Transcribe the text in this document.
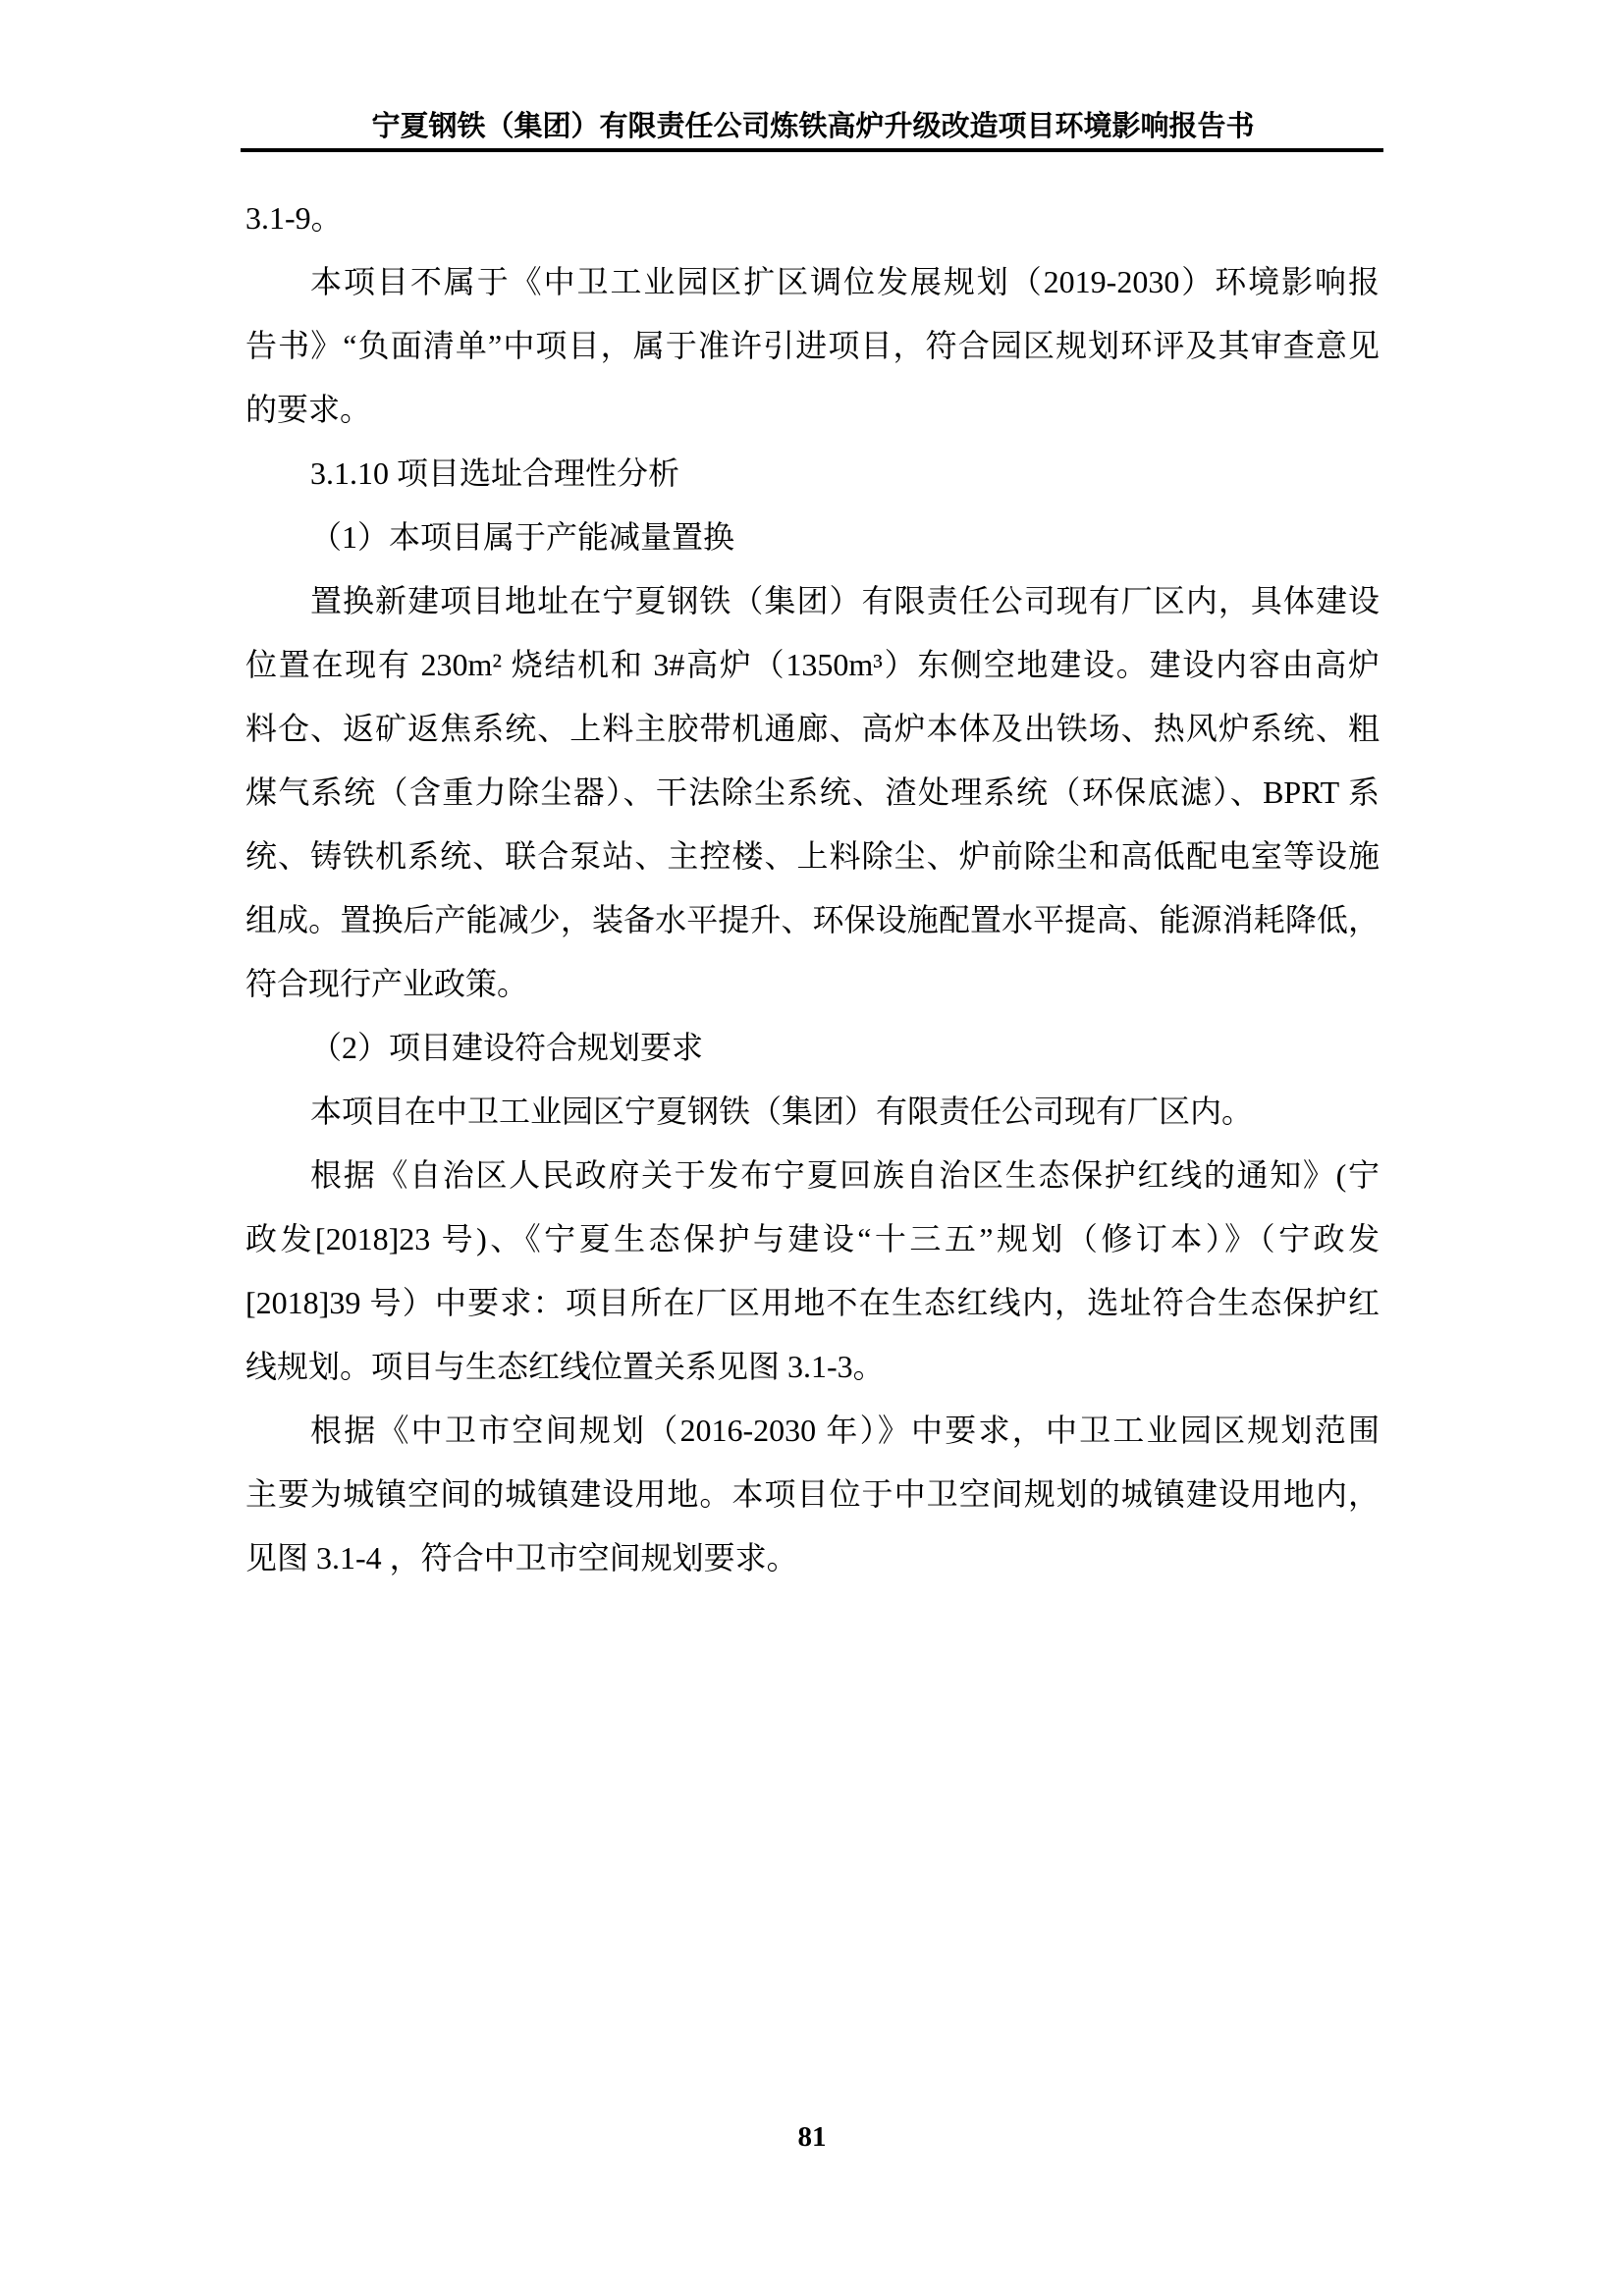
宁夏钢铁（集团）有限责任公司炼铁高炉升级改造项目环境影响报告书
3.1-9。
本项目不属于《中卫工业园区扩区调位发展规划（2019-2030）环境影响报
告书》“负面清单”中项目，属于准许引进项目，符合园区规划环评及其审查意见
的要求。
3.1.10 项目选址合理性分析
（1）本项目属于产能减量置换
置换新建项目地址在宁夏钢铁（集团）有限责任公司现有厂区内，具体建设
位置在现有 230m² 烧结机和 3#高炉（1350m³）东侧空地建设。建设内容由高炉
料仓、返矿返焦系统、上料主胶带机通廊、高炉本体及出铁场、热风炉系统、粗
煤气系统（含重力除尘器）、干法除尘系统、渣处理系统（环保底滤）、BPRT 系
统、铸铁机系统、联合泵站、主控楼、上料除尘、炉前除尘和高低配电室等设施
组成。置换后产能减少，装备水平提升、环保设施配置水平提高、能源消耗降低，
符合现行产业政策。
（2）项目建设符合规划要求
本项目在中卫工业园区宁夏钢铁（集团）有限责任公司现有厂区内。
根据《自治区人民政府关于发布宁夏回族自治区生态保护红线的通知》(宁
政发[2018]23 号)、《宁夏生态保护与建设“十三五”规划（修订本）》（宁政发
[2018]39 号）中要求：项目所在厂区用地不在生态红线内，选址符合生态保护红
线规划。项目与生态红线位置关系见图 3.1-3。
根据《中卫市空间规划（2016-2030 年）》中要求，中卫工业园区规划范围
主要为城镇空间的城镇建设用地。本项目位于中卫空间规划的城镇建设用地内，
见图 3.1-4 ，符合中卫市空间规划要求。
81
